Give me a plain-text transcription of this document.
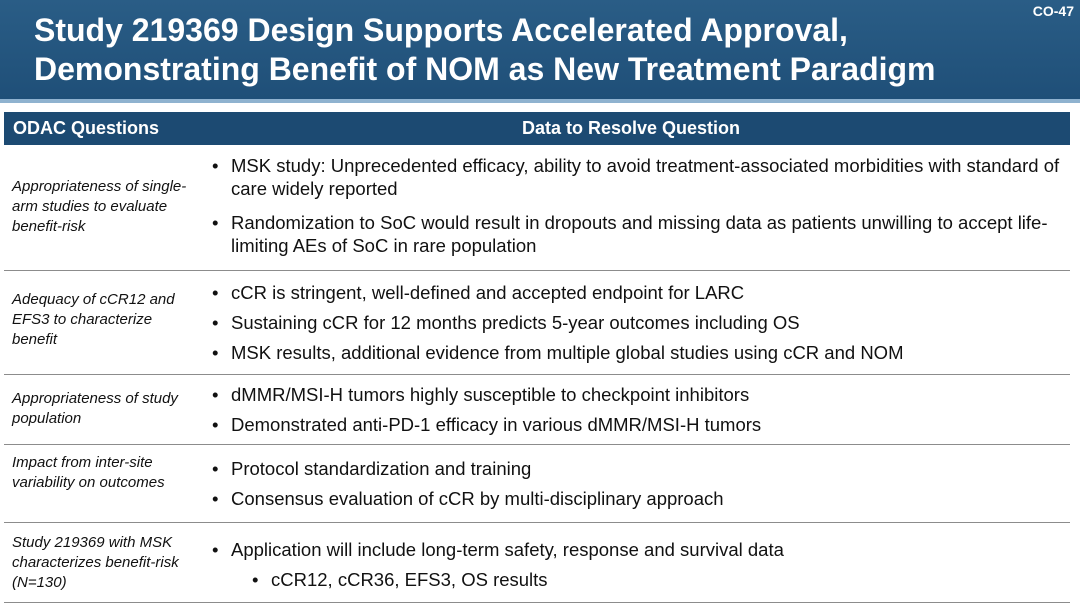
CO-47
Study 219369 Design Supports Accelerated Approval, Demonstrating Benefit of NOM as New Treatment Paradigm
ODAC Questions	Data to Resolve Question
Appropriateness of single-arm studies to evaluate benefit-risk
• MSK study: Unprecedented efficacy, ability to avoid treatment-associated morbidities with standard of care widely reported
• Randomization to SoC would result in dropouts and missing data as patients unwilling to accept life-limiting AEs of SoC in rare population
Adequacy of cCR12 and EFS3 to characterize benefit
• cCR is stringent, well-defined and accepted endpoint for LARC
• Sustaining cCR for 12 months predicts 5-year outcomes including OS
• MSK results, additional evidence from multiple global studies using cCR and NOM
Appropriateness of study population
• dMMR/MSI-H tumors highly susceptible to checkpoint inhibitors
• Demonstrated anti-PD-1 efficacy in various dMMR/MSI-H tumors
Impact from inter-site variability on outcomes
• Protocol standardization and training
• Consensus evaluation of cCR by multi-disciplinary approach
Study 219369 with MSK characterizes benefit-risk (N=130)
• Application will include long-term safety, response and survival data
• cCR12, cCR36, EFS3, OS results
